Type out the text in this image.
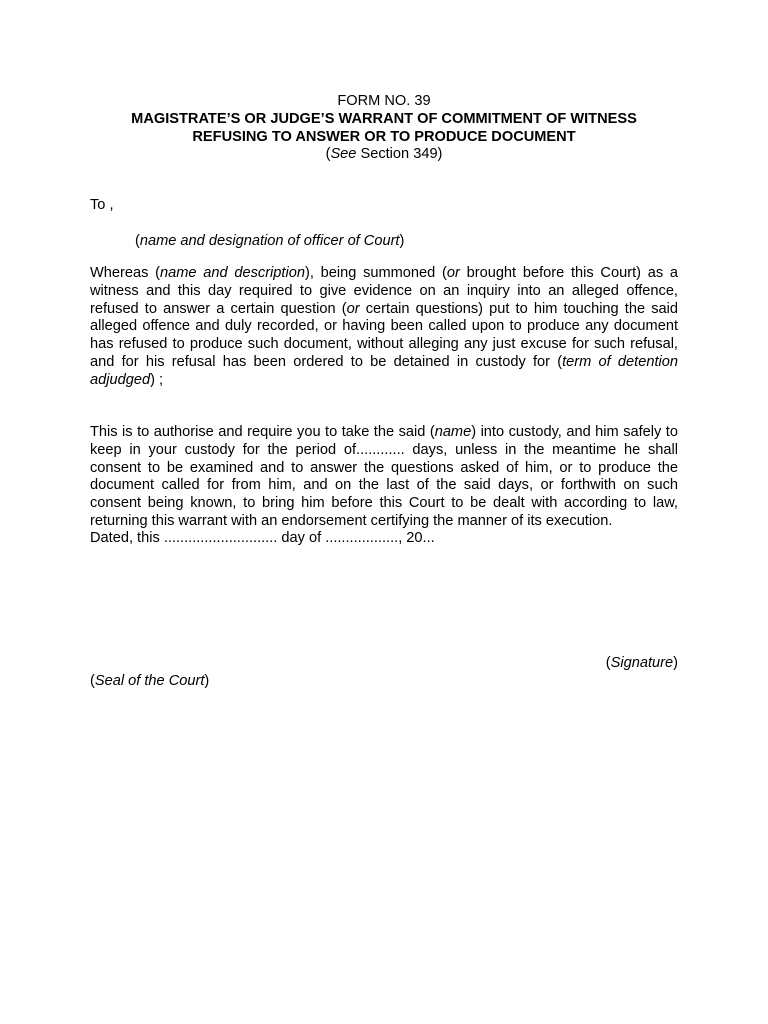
FORM NO. 39
MAGISTRATE’S OR JUDGE’S WARRANT OF COMMITMENT OF WITNESS
REFUSING TO ANSWER OR TO PRODUCE DOCUMENT
(See Section 349)
To ,
(name and designation of officer of Court)

Whereas (name and description), being summoned (or brought before this Court) as a witness and this day required to give evidence on an inquiry into an alleged offence, refused to answer a certain question (or certain questions) put to him touching the said alleged offence and duly recorded, or having been called upon to produce any document has refused to produce such document, without alleging any just excuse for such refusal, and for his refusal has been ordered to be detained in custody for (term of detention adjudged) ;

This is to authorise and require you to take the said (name) into custody, and him safely to keep in your custody for the period of............ days, unless in the meantime he shall consent to be examined and to answer the questions asked of him, or to produce the document called for from him, and on the last of the said days, or forthwith on such consent being known, to bring him before this Court to be dealt with according to law, returning this warrant with an endorsement certifying the manner of its execution.

Dated, this ............................ day of .................., 20...
(Signature)
(Seal of the Court)
